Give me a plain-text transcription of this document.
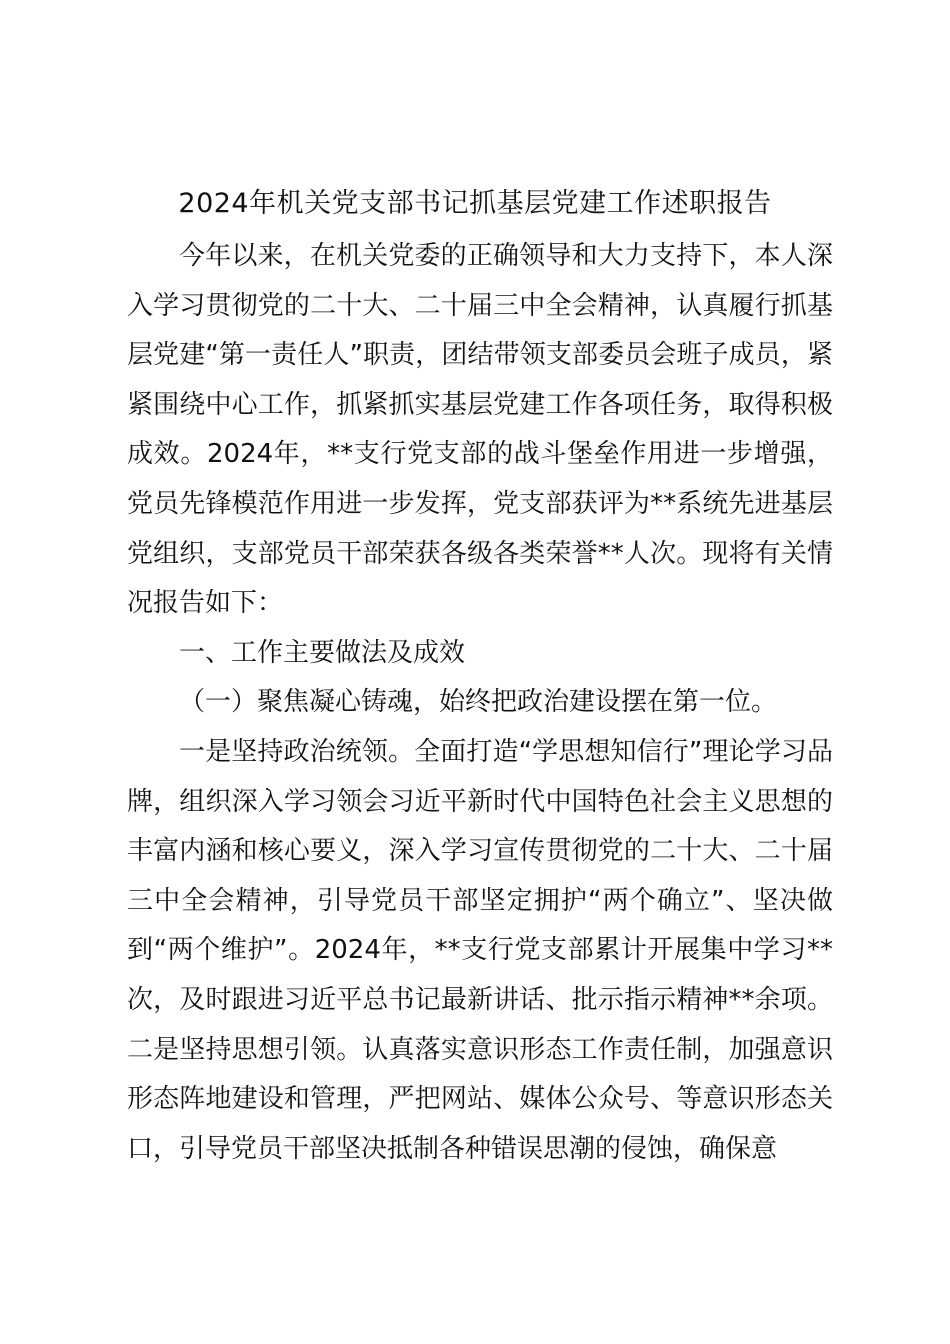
2024年机关党支部书记抓基层党建工作述职报告

今年以来，在机关党委的正确领导和大力支持下，本人深入学习贯彻党的二十大、二十届三中全会精神，认真履行抓基层党建“第一责任人”职责，团结带领支部委员会班子成员，紧紧围绕中心工作，抓紧抓实基层党建工作各项任务，取得积极成效。2024年，**支行党支部的战斗堡垒作用进一步增强，党员先锋模范作用进一步发挥，党支部获评为**系统先进基层党组织，支部党员干部荣获各级各类荣誉**人次。现将有关情况报告如下：

一、工作主要做法及成效

（一）聚焦凝心铸魂，始终把政治建设摆在第一位。

一是坚持政治统领。全面打造“学思想知信行”理论学习品牌，组织深入学习领会习近平新时代中国特色社会主义思想的丰富内涵和核心要义，深入学习宣传贯彻党的二十大、二十届三中全会精神，引导党员干部坚定拥护“两个确立”、坚决做到“两个维护”。2024年，**支行党支部累计开展集中学习**次，及时跟进习近平总书记最新讲话、批示指示精神**余项。二是坚持思想引领。认真落实意识形态工作责任制，加强意识形态阵地建设和管理，严把网站、媒体公众号、等意识形态关口，引导党员干部坚决抵制各种错误思潮的侵蚀，确保意
